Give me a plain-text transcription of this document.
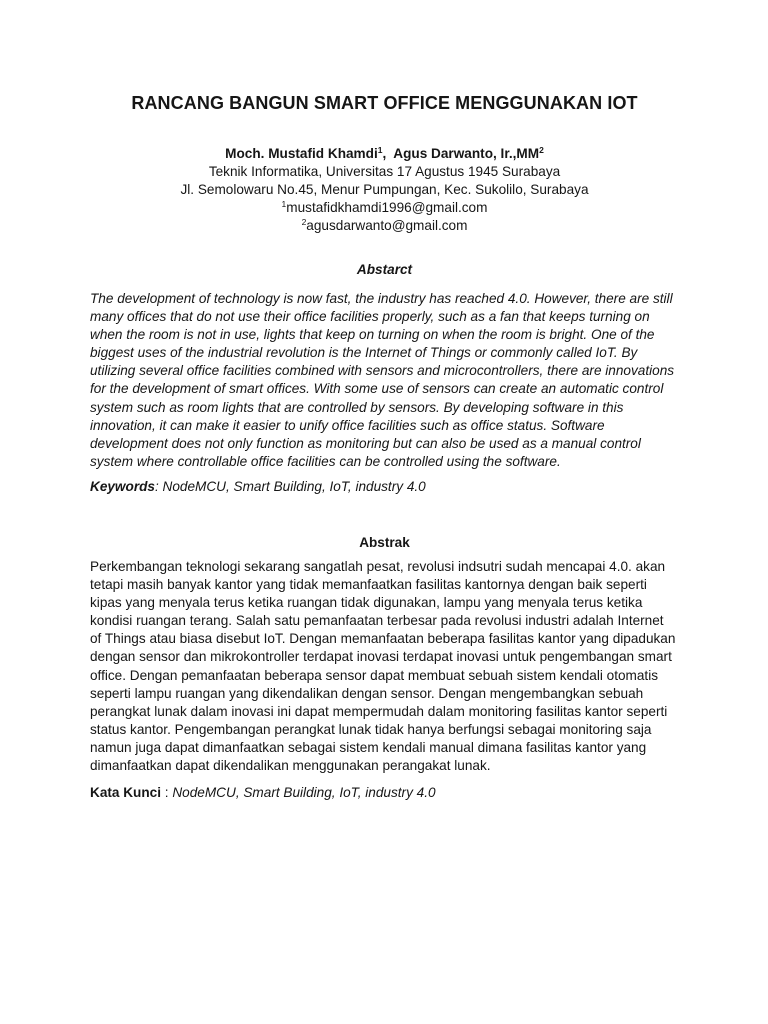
RANCANG BANGUN SMART OFFICE MENGGUNAKAN IOT
Moch. Mustafid Khamdi$^1$,  Agus Darwanto, $Ir.,MM^2$
Teknik Informatika, Universitas 17 Agustus 1945 Surabaya
Jl. Semolowaru No.45, Menur Pumpungan, Kec. Sukolilo, Surabaya
$^1$mustafidkhamdi1996@gmail.com
$^2$agusdarwanto@gmail.com
Abstarct

The development of technology is now fast, the industry has reached 4.0. However, there are still
many offices that do not use their office facilities properly, such as a fan that keeps turning on
when the room is not in use, lights that keep on turning on when the room is bright. One of the
biggest uses of the industrial revolution is the Internet of Things or commonly called IoT. By
utilizing several office facilities combined with sensors and microcontrollers, there are innovations
for the development of smart offices. With some use of sensors can create an automatic control
system such as room lights that are controlled by sensors. By developing software in this
innovation, it can make it easier to unify office facilities such as office status. Software
development does not only function as monitoring but can also be used as a manual control
system where controllable office facilities can be controlled using the software.

Keywords: NodeMCU, Smart Building, IoT, industry 4.0

Abstrak

Perkembangan teknologi sekarang sangatlah pesat, revolusi indsutri sudah mencapai 4.0. akan
tetapi masih banyak kantor yang tidak memanfaatkan fasilitas kantornya dengan baik seperti
kipas yang menyala terus ketika ruangan tidak digunakan, lampu yang menyala terus ketika
kondisi ruangan terang. Salah satu pemanfaatan terbesar pada revolusi industri adalah Internet
of Things atau biasa disebut IoT. Dengan memanfaatan beberapa fasilitas kantor yang dipadukan
dengan sensor dan mikrokontroller terdapat inovasi terdapat inovasi untuk pengembangan smart
office. Dengan pemanfaatan beberapa sensor dapat membuat sebuah sistem kendali otomatis
seperti lampu ruangan yang dikendalikan dengan sensor. Dengan mengembangkan sebuah
perangkat lunak dalam inovasi ini dapat mempermudah dalam monitoring fasilitas kantor seperti
status kantor. Pengembangan perangkat lunak tidak hanya berfungsi sebagai monitoring saja
namun juga dapat dimanfaatkan sebagai sistem kendali manual dimana fasilitas kantor yang
dimanfaatkan dapat dikendalikan menggunakan perangakat lunak.

Kata Kunci : NodeMCU, Smart Building, IoT, industry 4.0
